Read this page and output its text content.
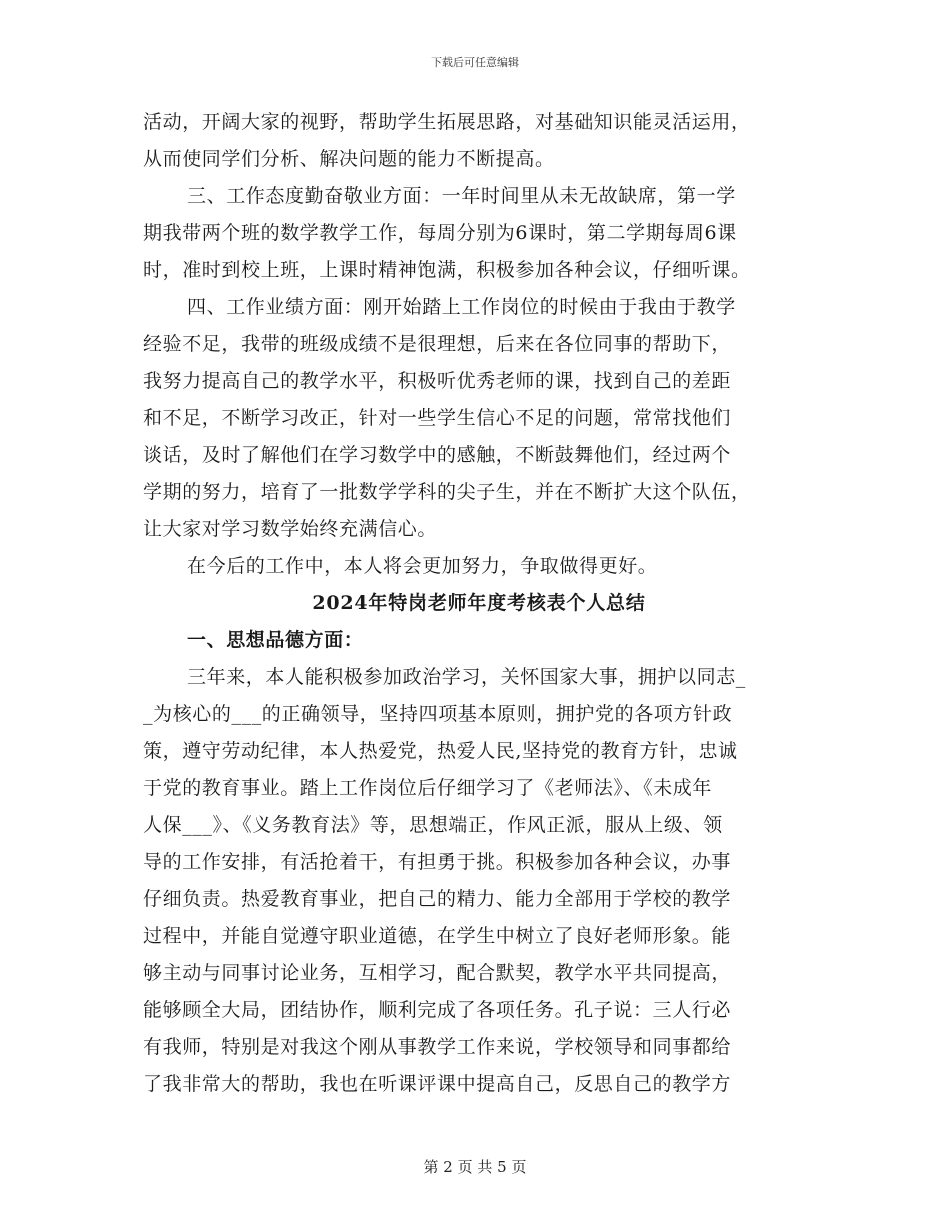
下载后可任意编辑
活动，开阔大家的视野，帮助学生拓展思路，对基础知识能灵活运用，
从而使同学们分析、解决问题的能力不断提高。
三、工作态度勤奋敬业方面：一年时间里从未无故缺席，第一学
期我带两个班的数学教学工作，每周分别为6课时，第二学期每周6课
时，准时到校上班，上课时精神饱满，积极参加各种会议，仔细听课。
四、工作业绩方面：刚开始踏上工作岗位的时候由于我由于教学
经验不足，我带的班级成绩不是很理想，后来在各位同事的帮助下，
我努力提高自己的教学水平，积极听优秀老师的课，找到自己的差距
和不足，不断学习改正，针对一些学生信心不足的问题，常常找他们
谈话，及时了解他们在学习数学中的感触，不断鼓舞他们，经过两个
学期的努力，培育了一批数学学科的尖子生，并在不断扩大这个队伍，
让大家对学习数学始终充满信心。
在今后的工作中，本人将会更加努力，争取做得更好。
2024年特岗老师年度考核表个人总结
一、思想品德方面：
三年来，本人能积极参加政治学习，关怀国家大事，拥护以同志_
_为核心的___的正确领导，坚持四项基本原则，拥护党的各项方针政
策，遵守劳动纪律，本人热爱党，热爱人民,坚持党的教育方针，忠诚
于党的教育事业。踏上工作岗位后仔细学习了《老师法》、《未成年
人保___》、《义务教育法》等，思想端正，作风正派，服从上级、领
导的工作安排，有活抢着干，有担勇于挑。积极参加各种会议，办事
仔细负责。热爱教育事业，把自己的精力、能力全部用于学校的教学
过程中，并能自觉遵守职业道德，在学生中树立了良好老师形象。能
够主动与同事讨论业务，互相学习，配合默契，教学水平共同提高，
能够顾全大局，团结协作，顺利完成了各项任务。孔子说：三人行必
有我师，特别是对我这个刚从事教学工作来说，学校领导和同事都给
了我非常大的帮助，我也在听课评课中提高自己，反思自己的教学方
第 2 页 共 5 页
